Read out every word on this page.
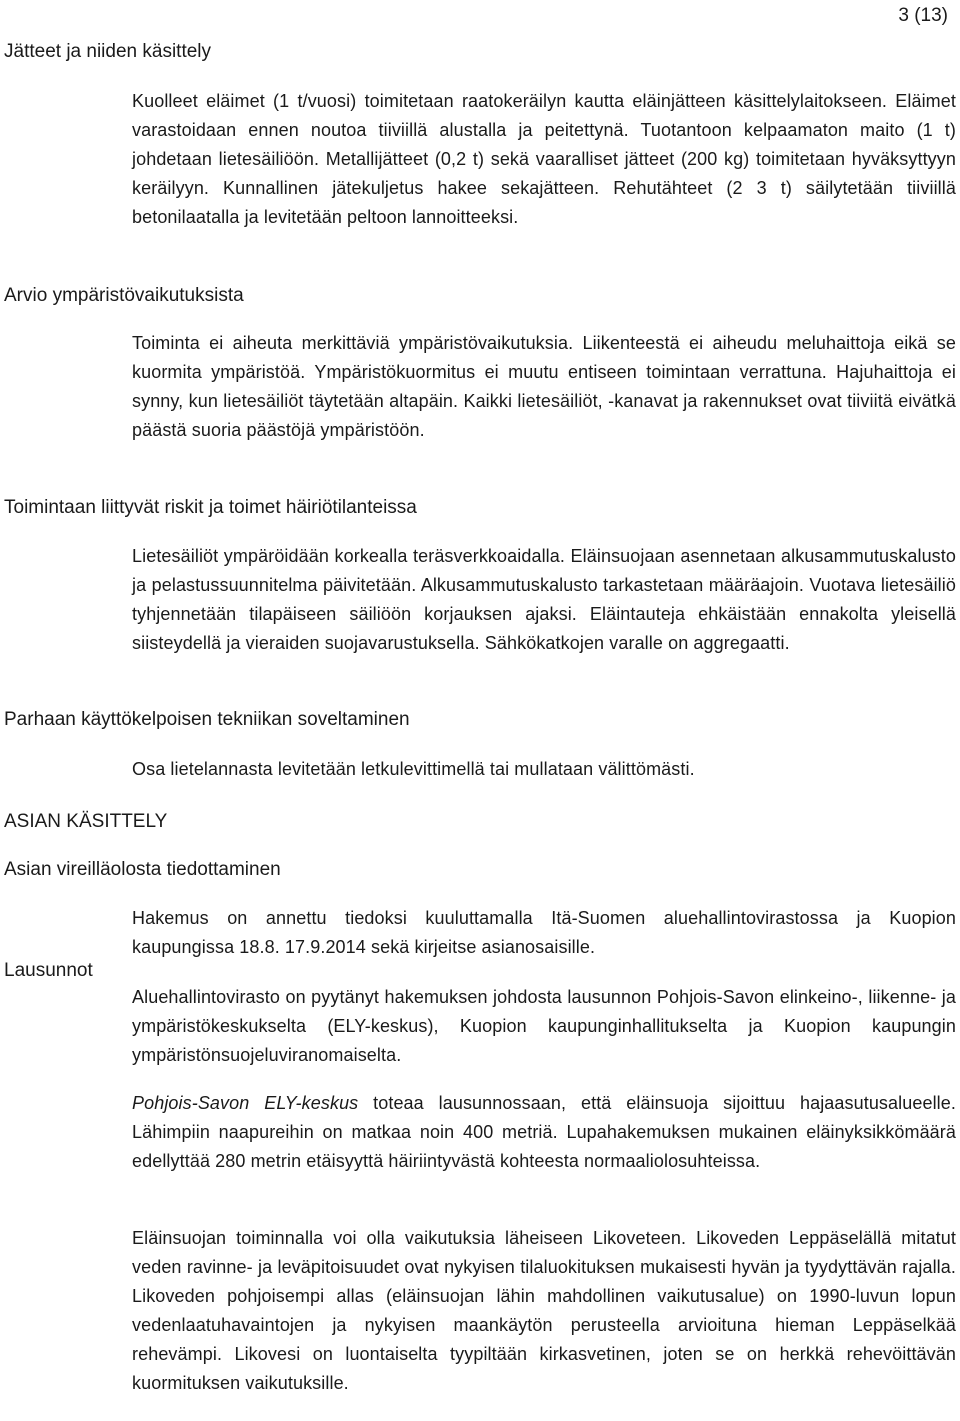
3 (13)
Jätteet ja niiden käsittely

Kuolleet eläimet (1 t/vuosi) toimitetaan raatokeräilyn kautta eläinjätteen käsittelylaitokseen. Eläimet varastoidaan ennen noutoa tiiviillä alustalla ja peitettynä. Tuotantoon kelpaamaton maito (1 t) johdetaan lietesäiliöön. Metallijätteet (0,2 t) sekä vaaralliset jätteet (200 kg) toimitetaan hyväksyttyyn keräilyyn. Kunnallinen jätekuljetus hakee sekajätteen. Rehutähteet (2 3 t) säilytetään tiiviillä betonilaatalla ja levitetään peltoon lannoitteeksi.

Arvio ympäristövaikutuksista

Toiminta ei aiheuta merkittäviä ympäristövaikutuksia. Liikenteestä ei aiheudu meluhaittoja eikä se kuormita ympäristöä. Ympäristökuormitus ei muutu entiseen toimintaan verrattuna. Hajuhaittoja ei synny, kun lietesäiliöt täytetään altapäin. Kaikki lietesäiliöt, -kanavat ja rakennukset ovat tiiviitä eivätkä päästä suoria päästöjä ympäristöön.

Toimintaan liittyvät riskit ja toimet häiriötilanteissa

Lietesäiliöt ympäröidään korkealla teräsverkkoaidalla. Eläinsuojaan asennetaan alkusammutuskalusto ja pelastussuunnitelma päivitetään. Alkusammutuskalusto tarkastetaan määräajoin. Vuotava lietesäiliö tyhjennetään tilapäiseen säiliöön korjauksen ajaksi. Eläintauteja ehkäistään ennakolta yleisellä siisteydellä ja vieraiden suojavarustuksella. Sähkökatkojen varalle on aggregaatti.

Parhaan käyttökelpoisen tekniikan soveltaminen

Osa lietelannasta levitetään letkulevittimellä tai mullataan välittömästi.

ASIAN KÄSITTELY
Asian vireilläolosta tiedottaminen

Hakemus on annettu tiedoksi kuuluttamalla Itä-Suomen aluehallintovirastossa ja Kuopion kaupungissa 18.8. 17.9.2014 sekä kirjeitse asianosaisille.

Lausunnot

Aluehallintovirasto on pyytänyt hakemuksen johdosta lausunnon Pohjois-Savon elinkeino-, liikenne- ja ympäristökeskukselta (ELY-keskus), Kuopion kaupunginhallitukselta ja Kuopion kaupungin ympäristönsuojeluviranomaiselta.

Pohjois-Savon ELY-keskus toteaa lausunnossaan, että eläinsuoja sijoittuu hajaasutusalueelle. Lähimpiin naapureihin on matkaa noin 400 metriä. Lupahakemuksen mukainen eläinyksikkömäärä edellyttää 280 metrin etäisyyttä häiriintyvästä kohteesta normaaliolosuhteissa.

Eläinsuojan toiminnalla voi olla vaikutuksia läheiseen Likoveteen. Likoveden Leppäselällä mitatut veden ravinne- ja leväpitoisuudet ovat nykyisen tilaluokituksen mukaisesti hyvän ja tyydyttävän rajalla. Likoveden pohjoisempi allas (eläinsuojan lähin mahdollinen vaikutusalue) on 1990-luvun lopun vedenlaatuhavaintojen ja nykyisen maankäytön perusteella arvioituna hieman Leppäselkää rehevämpi. Likovesi on luontaiselta tyypiltään kirkasvetinen, joten se on herkkä rehevöittävän kuormituksen vaikutuksille.
